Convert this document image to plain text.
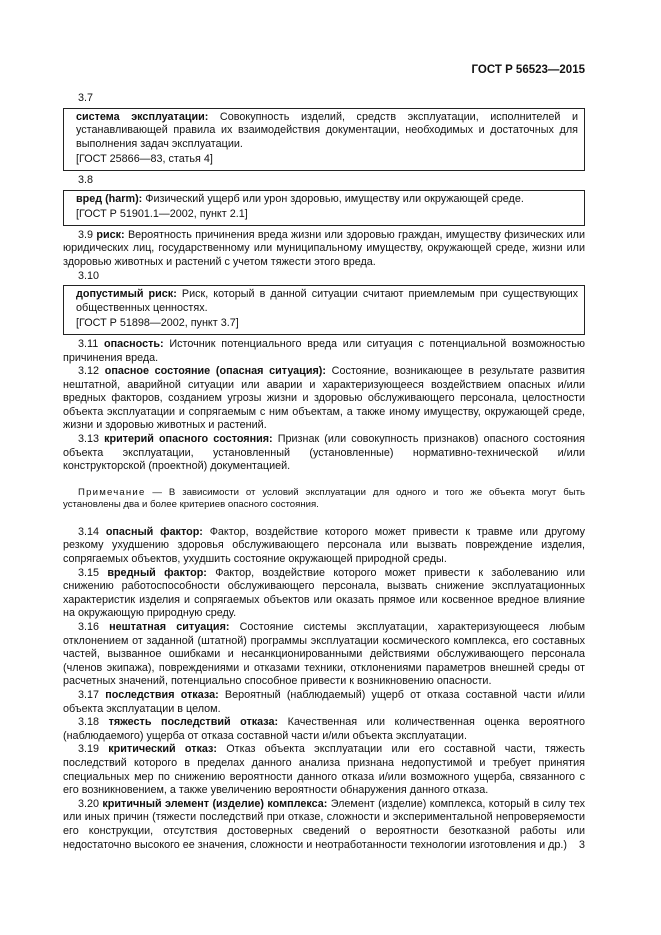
ГОСТ Р 56523—2015

3.7

система эксплуатации: Совокупность изделий, средств эксплуатации, исполнителей и устанавливающей правила их взаимодействия документации, необходимых и достаточных для выполнения задач эксплуатации.

[ГОСТ 25866—83, статья 4]

3.8

вред (harm): Физический ущерб или урон здоровью, имуществу или окружающей среде.

[ГОСТ Р 51901.1—2002, пункт 2.1]

3.9 риск: Вероятность причинения вреда жизни или здоровью граждан, имуществу физических или юридических лиц, государственному или муниципальному имуществу, окружающей среде, жизни или здоровью животных и растений с учетом тяжести этого вреда.

3.10

допустимый риск: Риск, который в данной ситуации считают приемлемым при существующих общественных ценностях.

[ГОСТ Р 51898—2002, пункт 3.7]

3.11 опасность: Источник потенциального вреда или ситуация с потенциальной возможностью причинения вреда.

3.12 опасное состояние (опасная ситуация): Состояние, возникающее в результате развития нештатной, аварийной ситуации или аварии и характеризующееся воздействием опасных и/или вредных факторов, созданием угрозы жизни и здоровью обслуживающего персонала, целостности объекта эксплуатации и сопрягаемым с ним объектам, а также иному имуществу, окружающей среде, жизни и здоровью животных и растений.

3.13 критерий опасного состояния: Признак (или совокупность признаков) опасного состояния объекта эксплуатации, установленный (установленные) нормативно-технической и/или конструкторской (проектной) документацией.

Примечание — В зависимости от условий эксплуатации для одного и того же объекта могут быть установлены два и более критериев опасного состояния.

3.14 опасный фактор: Фактор, воздействие которого может привести к травме или другому резкому ухудшению здоровья обслуживающего персонала или вызвать повреждение изделия, сопрягаемых объектов, ухудшить состояние окружающей природной среды.

3.15 вредный фактор: Фактор, воздействие которого может привести к заболеванию или снижению работоспособности обслуживающего персонала, вызвать снижение эксплуатационных характеристик изделия и сопрягаемых объектов или оказать прямое или косвенное вредное влияние на окружающую природную среду.

3.16 нештатная ситуация: Состояние системы эксплуатации, характеризующееся любым отклонением от заданной (штатной) программы эксплуатации космического комплекса, его составных частей, вызванное ошибками и несанкционированными действиями обслуживающего персонала (членов экипажа), повреждениями и отказами техники, отклонениями параметров внешней среды от расчетных значений, потенциально способное привести к возникновению опасности.

3.17 последствия отказа: Вероятный (наблюдаемый) ущерб от отказа составной части и/или объекта эксплуатации в целом.

3.18 тяжесть последствий отказа: Качественная или количественная оценка вероятного (наблюдаемого) ущерба от отказа составной части и/или объекта эксплуатации.

3.19 критический отказ: Отказ объекта эксплуатации или его составной части, тяжесть последствий которого в пределах данного анализа признана недопустимой и требует принятия специальных мер по снижению вероятности данного отказа и/или возможного ущерба, связанного с его возникновением, а также увеличению вероятности обнаружения данного отказа.

3.20 критичный элемент (изделие) комплекса: Элемент (изделие) комплекса, который в силу тех или иных причин (тяжести последствий при отказе, сложности и экспериментальной непроверяемости его конструкции, отсутствия достоверных сведений о вероятности безотказной работы или недостаточно высокого ее значения, сложности и неотработанности технологии изготовления и др.)	3
